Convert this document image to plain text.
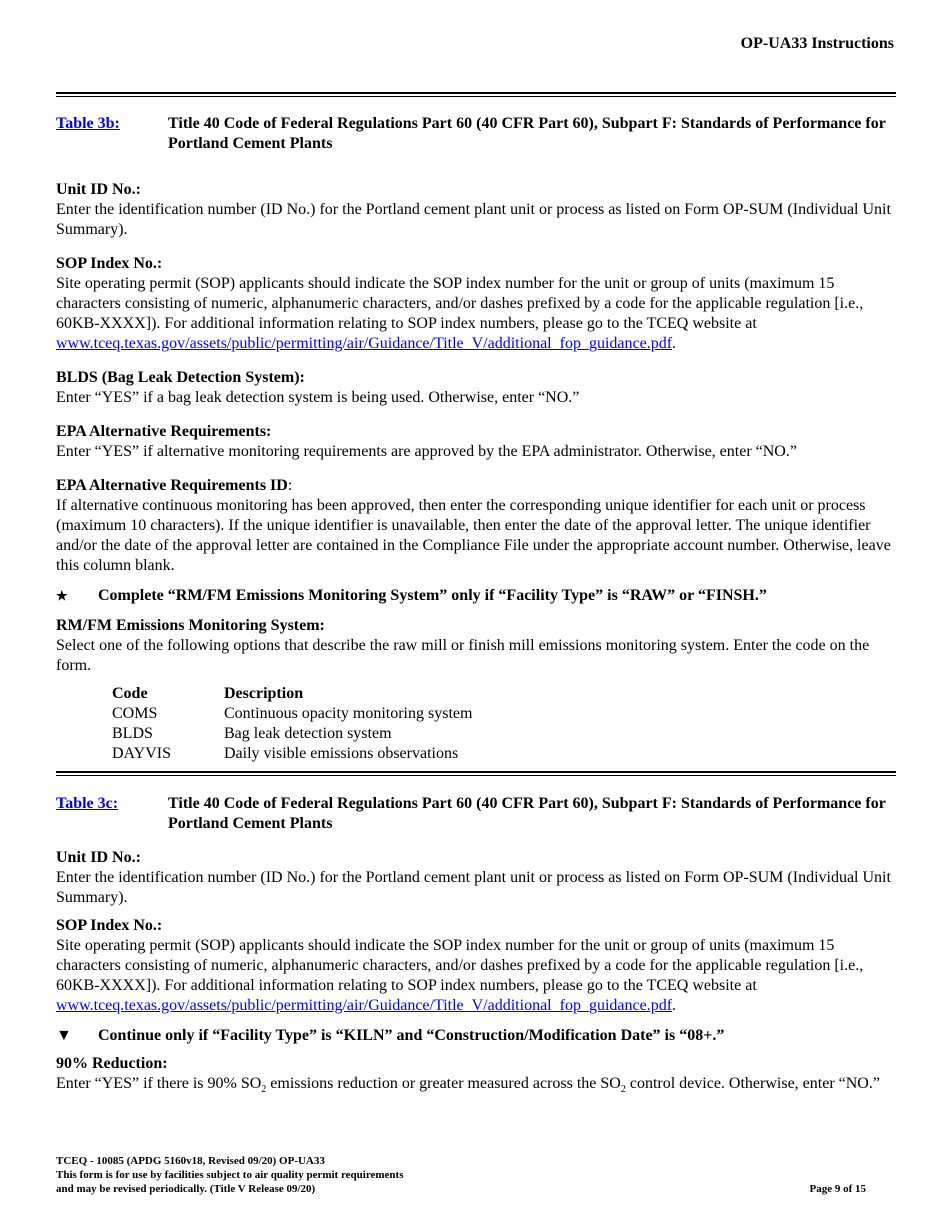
OP-UA33 Instructions
Table 3b:	Title 40 Code of Federal Regulations Part 60 (40 CFR Part 60), Subpart F: Standards of Performance for Portland Cement Plants
Unit ID No.:

Enter the identification number (ID No.) for the Portland cement plant unit or process as listed on Form OP-SUM (Individual Unit Summary).

SOP Index No.:

Site operating permit (SOP) applicants should indicate the SOP index number for the unit or group of units (maximum 15 characters consisting of numeric, alphanumeric characters, and/or dashes prefixed by a code for the applicable regulation [i.e., 60KB-XXXX]). For additional information relating to SOP index numbers, please go to the TCEQ website at www.tceq.texas.gov/assets/public/permitting/air/Guidance/Title_V/additional_fop_guidance.pdf.

BLDS (Bag Leak Detection System):

Enter “YES” if a bag leak detection system is being used. Otherwise, enter “NO.”

EPA Alternative Requirements:

Enter “YES” if alternative monitoring requirements are approved by the EPA administrator. Otherwise, enter “NO.”

EPA Alternative Requirements ID:

If alternative continuous monitoring has been approved, then enter the corresponding unique identifier for each unit or process (maximum 10 characters). If the unique identifier is unavailable, then enter the date of the approval letter. The unique identifier and/or the date of the approval letter are contained in the Compliance File under the appropriate account number. Otherwise, leave this column blank.

★	Complete “RM/FM Emissions Monitoring System” only if “Facility Type” is “RAW” or “FINSH.”
RM/FM Emissions Monitoring System:

Select one of the following options that describe the raw mill or finish mill emissions monitoring system. Enter the code on the form.

Code	Description
COMS	Continuous opacity monitoring system
BLDS	Bag leak detection system
DAYVIS	Daily visible emissions observations
Table 3c:	Title 40 Code of Federal Regulations Part 60 (40 CFR Part 60), Subpart F: Standards of Performance for Portland Cement Plants
Unit ID No.:

Enter the identification number (ID No.) for the Portland cement plant unit or process as listed on Form OP-SUM (Individual Unit Summary).

SOP Index No.:

Site operating permit (SOP) applicants should indicate the SOP index number for the unit or group of units (maximum 15 characters consisting of numeric, alphanumeric characters, and/or dashes prefixed by a code for the applicable regulation [i.e., 60KB-XXXX]). For additional information relating to SOP index numbers, please go to the TCEQ website at www.tceq.texas.gov/assets/public/permitting/air/Guidance/Title_V/additional_fop_guidance.pdf.

▼	Continue only if “Facility Type” is “KILN” and “Construction/Modification Date” is “08+.”
90% Reduction:

Enter “YES” if there is 90% $SO_2$ emissions reduction or greater measured across the $SO_2$ control device. Otherwise, enter “NO.”

TCEQ - 10085 (APDG 5160v18, Revised 09/20) OP-UA33
This form is for use by facilities subject to air quality permit requirements
and may be revised periodically. (Title V Release 09/20)	Page 9 of 15
